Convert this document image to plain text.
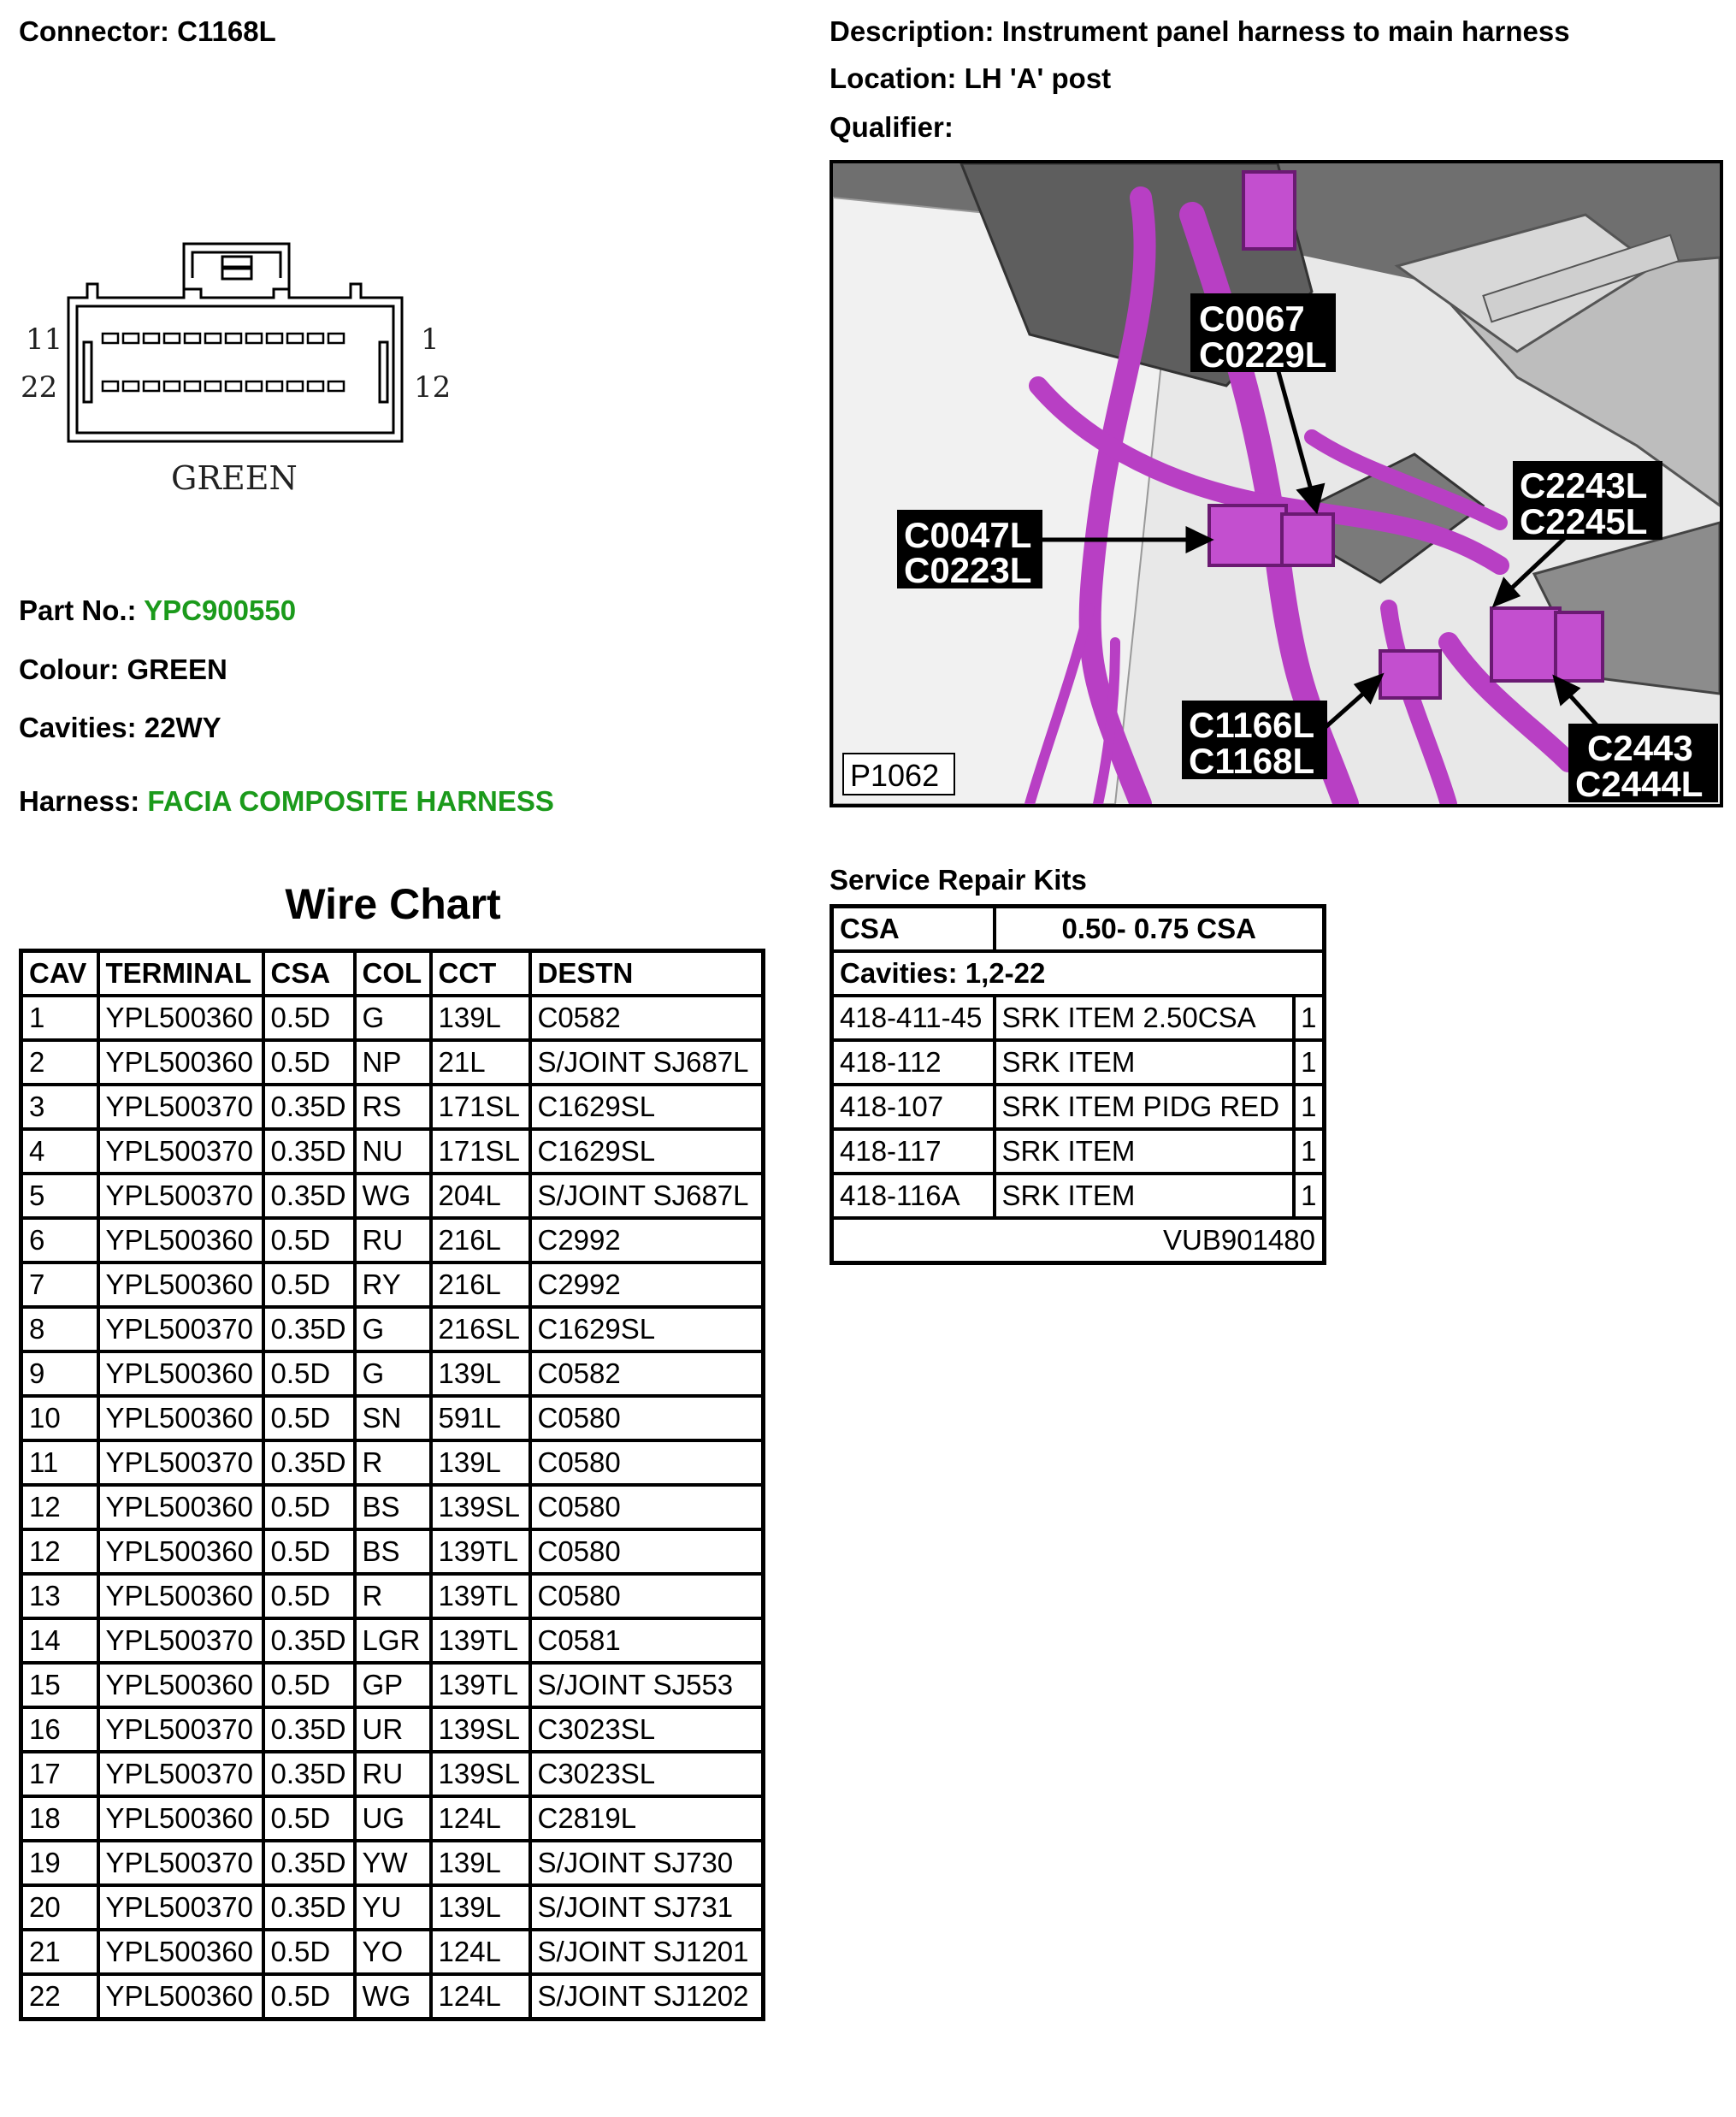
Connector: C1168L	Description: Instrument panel harness to main harness
Location: LH 'A' post
Qualifier:
11	1
22	12
GREEN
Part No.: YPC900550
Colour: GREEN
Cavities: 22WY
Harness: FACIA COMPOSITE HARNESS
C0067
C0229L
C0047L
C0223L
C2243L
C2245L
C1166L
C1168L	C2443
C2444L
P1062
Wire Chart
CAV	TERMINAL	CSA	COL	CCT	DESTN
1	YPL500360	0.5D	G	139L	C0582
2	YPL500360	0.5D	NP	21L	S/JOINT SJ687L
3	YPL500370	0.35D	RS	171SL	C1629SL
4	YPL500370	0.35D	NU	171SL	C1629SL
5	YPL500370	0.35D	WG	204L	S/JOINT SJ687L
6	YPL500360	0.5D	RU	216L	C2992
7	YPL500360	0.5D	RY	216L	C2992
8	YPL500370	0.35D	G	216SL	C1629SL
9	YPL500360	0.5D	G	139L	C0582
10	YPL500360	0.5D	SN	591L	C0580
11	YPL500370	0.35D	R	139L	C0580
12	YPL500360	0.5D	BS	139SL	C0580
12	YPL500360	0.5D	BS	139TL	C0580
13	YPL500360	0.5D	R	139TL	C0580
14	YPL500370	0.35D	LGR	139TL	C0581
15	YPL500360	0.5D	GP	139TL	S/JOINT SJ553
16	YPL500370	0.35D	UR	139SL	C3023SL
17	YPL500370	0.35D	RU	139SL	C3023SL
18	YPL500360	0.5D	UG	124L	C2819L
19	YPL500370	0.35D	YW	139L	S/JOINT SJ730
20	YPL500370	0.35D	YU	139L	S/JOINT SJ731
21	YPL500360	0.5D	YO	124L	S/JOINT SJ1201
22	YPL500360	0.5D	WG	124L	S/JOINT SJ1202
Service Repair Kits
CSA	0.50- 0.75 CSA	
Cavities: 1,2-22		
418-411-45	SRK ITEM 2.50CSA	1
418-112	SRK ITEM	1
418-107	SRK ITEM PIDG RED	1
418-117	SRK ITEM	1
418-116A	SRK ITEM	1
VUB901480		
